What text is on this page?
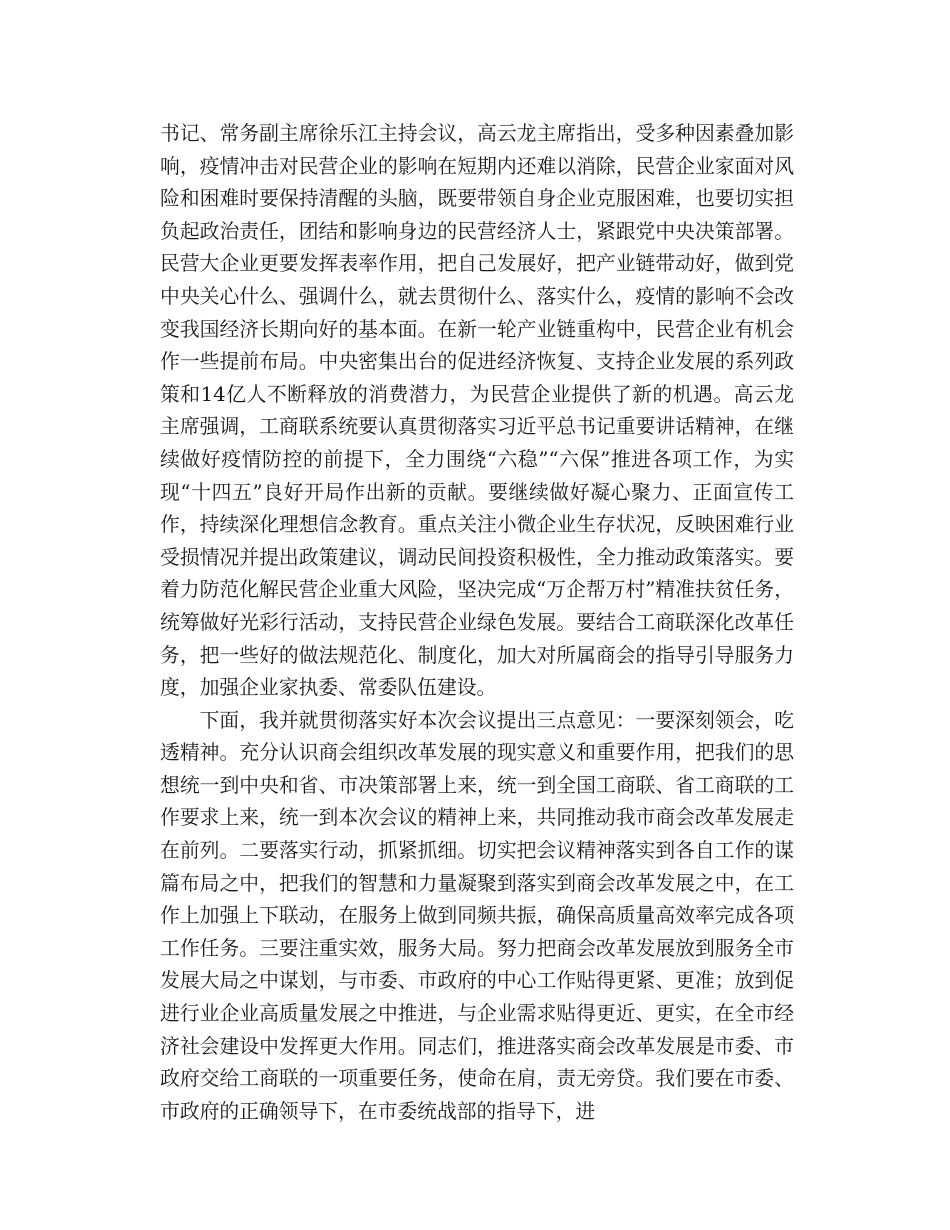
书记、常务副主席徐乐江主持会议，高云龙主席指出，受多种因素叠加影响，疫情冲击对民营企业的影响在短期内还难以消除，民营企业家面对风险和困难时要保持清醒的头脑，既要带领自身企业克服困难，也要切实担负起政治责任，团结和影响身边的民营经济人士，紧跟党中央决策部署。民营大企业更要发挥表率作用，把自己发展好，把产业链带动好，做到党中央关心什么、强调什么，就去贯彻什么、落实什么，疫情的影响不会改变我国经济长期向好的基本面。在新一轮产业链重构中，民营企业有机会作一些提前布局。中央密集出台的促进经济恢复、支持企业发展的系列政策和14亿人不断释放的消费潜力，为民营企业提供了新的机遇。高云龙主席强调，工商联系统要认真贯彻落实习近平总书记重要讲话精神，在继续做好疫情防控的前提下，全力围绕“六稳”“六保”推进各项工作，为实现“十四五”良好开局作出新的贡献。要继续做好凝心聚力、正面宣传工作，持续深化理想信念教育。重点关注小微企业生存状况，反映困难行业受损情况并提出政策建议，调动民间投资积极性，全力推动政策落实。要着力防范化解民营企业重大风险，坚决完成“万企帮万村”精准扶贫任务，统筹做好光彩行活动，支持民营企业绿色发展。要结合工商联深化改革任务，把一些好的做法规范化、制度化，加大对所属商会的指导引导服务力度，加强企业家执委、常委队伍建设。

下面，我并就贯彻落实好本次会议提出三点意见：一要深刻领会，吃透精神。充分认识商会组织改革发展的现实意义和重要作用，把我们的思想统一到中央和省、市决策部署上来，统一到全国工商联、省工商联的工作要求上来，统一到本次会议的精神上来，共同推动我市商会改革发展走在前列。二要落实行动，抓紧抓细。切实把会议精神落实到各自工作的谋篇布局之中，把我们的智慧和力量凝聚到落实到商会改革发展之中，在工作上加强上下联动，在服务上做到同频共振，确保高质量高效率完成各项工作任务。三要注重实效，服务大局。努力把商会改革发展放到服务全市发展大局之中谋划，与市委、市政府的中心工作贴得更紧、更准；放到促进行业企业高质量发展之中推进，与企业需求贴得更近、更实，在全市经济社会建设中发挥更大作用。同志们，推进落实商会改革发展是市委、市政府交给工商联的一项重要任务，使命在肩，责无旁贷。我们要在市委、市政府的正确领导下，在市委统战部的指导下，进
